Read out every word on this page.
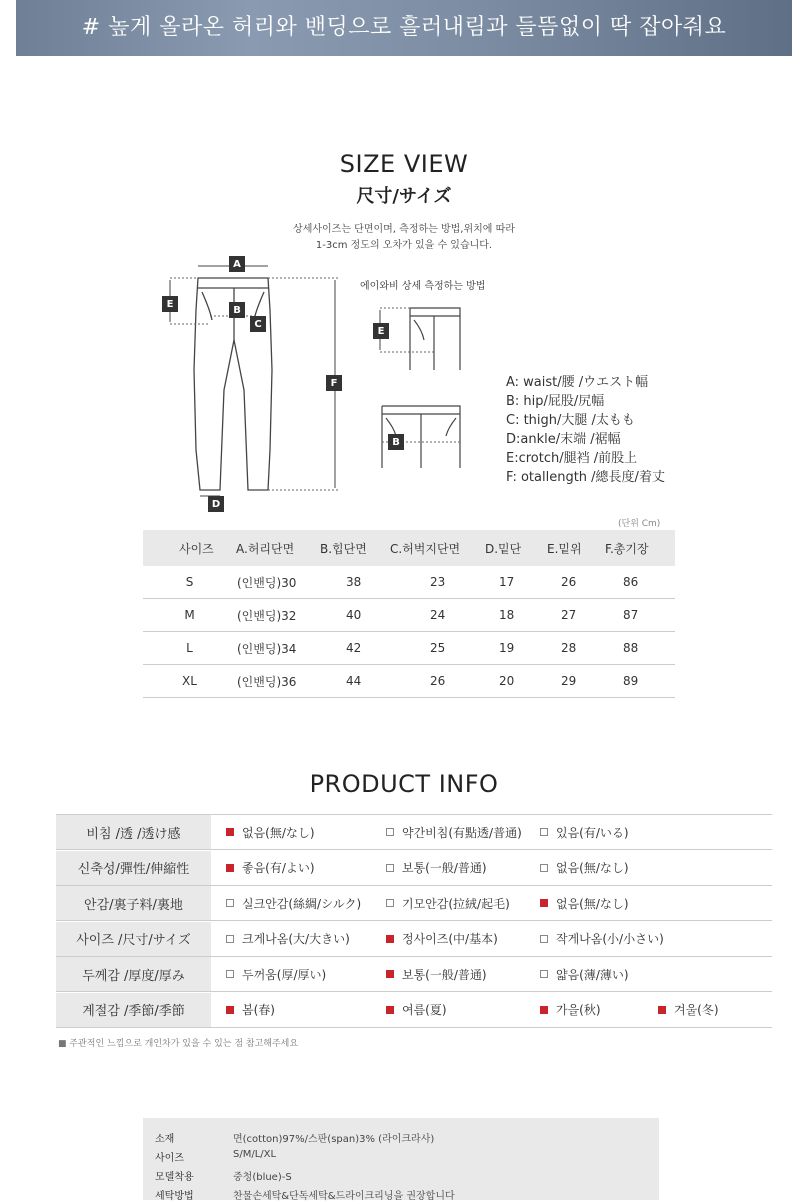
# 높게 올라온 허리와 밴딩으로 흘러내림과 들뜸없이 딱 잡아줘요
SIZE VIEW
尺寸/サイズ
상세사이즈는 단면이며, 측정하는 방법,위치에 따라
1-3cm 정도의 오차가 있을 수 있습니다.
A
E
B
C
F
D
에이와비 상세 측정하는 방법
E
B
A: waist/腰 /ウエスト幅
B: hip/屁股/尻幅
C: thigh/大腿 /太もも
D:ankle/末端 /裾幅
E:crotch/腿裆 /前股上
F: otallength /總長度/着丈
(단위 Cm)
사이즈	A.허리단면	B.힙단면	C.허벅지단면	D.밑단	E.밑위	F.총기장
S	(인밴딩)30	38	23	17	26	86
M	(인밴딩)32	40	24	18	27	87
L	(인밴딩)34	42	25	19	28	88
XL	(인밴딩)36	44	26	20	29	89
PRODUCT INFO
비침 /透 /透け感	없음(無/なし)	약간비침(有點透/普通)	있음(有/いる)
신축성/彈性/伸縮性	좋음(有/よい)	보통(一般/普通)	없음(無/なし)
안감/裏子料/裏地	실크안감(絲綢/シルク)	기모안감(拉絨/起毛)	없음(無/なし)
사이즈 /尺寸/サイズ	크게나옴(大/大きい)	정사이즈(中/基本)	작게나옴(小/小さい)
두께감 /厚度/厚み	두꺼움(厚/厚い)	보통(一般/普通)	얇음(薄/薄い)
계절감 /季節/季節	봄(春)	여름(夏)	가을(秋)	겨울(冬)
■ 주관적인 느낌으로 개인차가 있을 수 있는 점 참고해주세요
소재	면(cotton)97%/스판(span)3% (라이크라사)
사이즈	S/M/L/XL
모델착용	중청(blue)-S
세탁방법	찬물손세탁&단독세탁&드라이크리닝을 권장합니다
